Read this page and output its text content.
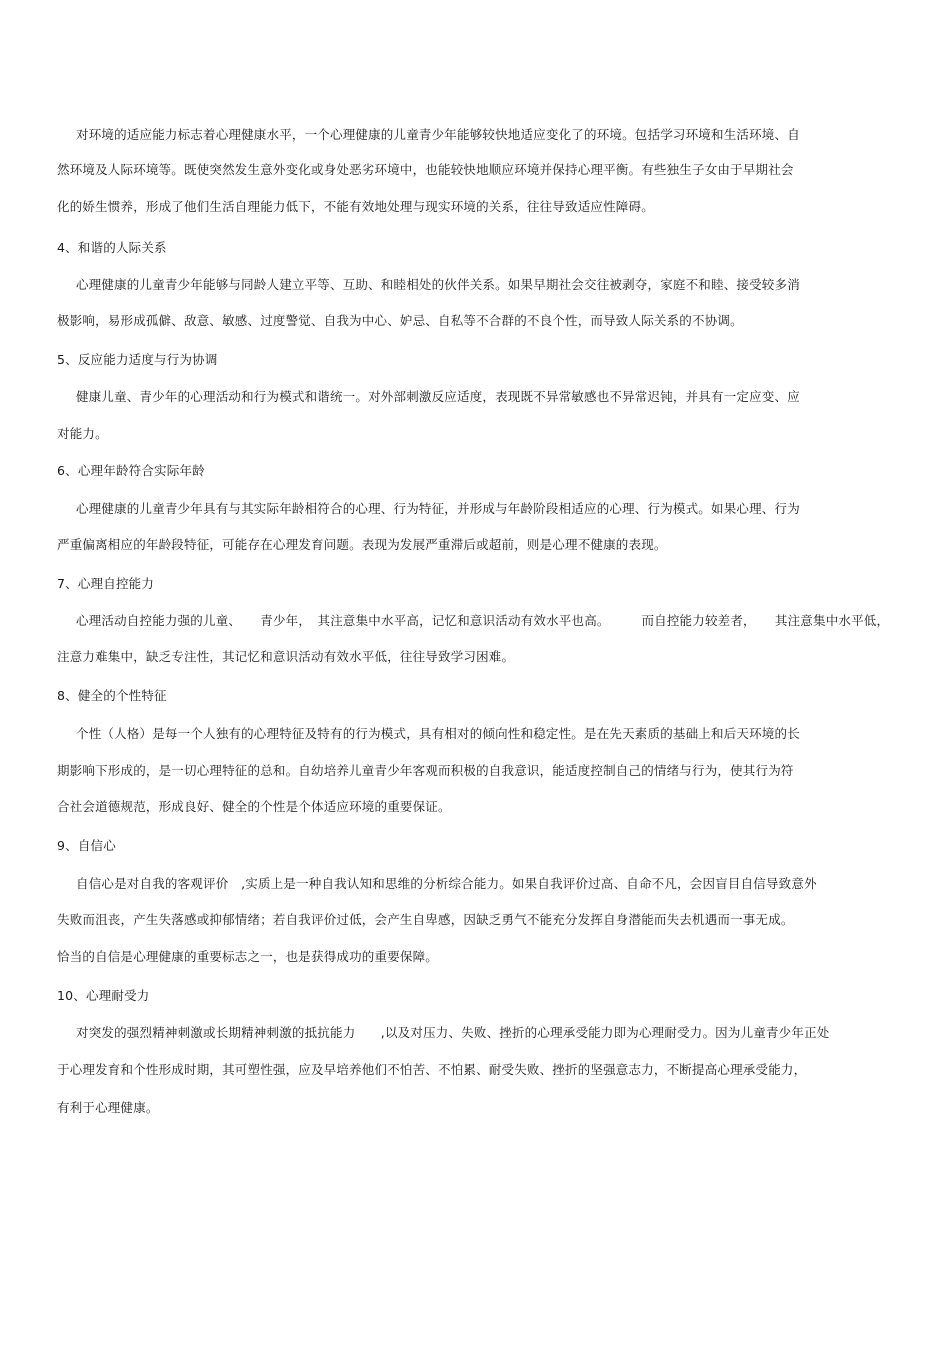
对环境的适应能力标志着心理健康水平，一个心理健康的儿童青少年能够较快地适应变化了的环境。包括学习环境和生活环境、自
然环境及人际环境等。既使突然发生意外变化或身处恶劣环境中，也能较快地顺应环境并保持心理平衡。有些独生子女由于早期社会
化的娇生惯养，形成了他们生活自理能力低下，不能有效地处理与现实环境的关系，往往导致适应性障碍。
4、和谐的人际关系
心理健康的儿童青少年能够与同龄人建立平等、互助、和睦相处的伙伴关系。如果早期社会交往被剥夺，家庭不和睦、接受较多消
极影响，易形成孤僻、敌意、敏感、过度警觉、自我为中心、妒忌、自私等不合群的不良个性，而导致人际关系的不协调。
5、反应能力适度与行为协调
健康儿童、青少年的心理活动和行为模式和谐统一。对外部刺激反应适度，表现既不异常敏感也不异常迟钝，并具有一定应变、应
对能力。
6、心理年龄符合实际年龄
心理健康的儿童青少年具有与其实际年龄相符合的心理、行为特征，并形成与年龄阶段相适应的心理、行为模式。如果心理、行为
严重偏离相应的年龄段特征，可能存在心理发育问题。表现为发展严重滞后或超前，则是心理不健康的表现。
7、心理自控能力
心理活动自控能力强的儿童、　　青少年，　其注意集中水平高，记忆和意识活动有效水平也高。　　　而自控能力较差者，　　其注意集中水平低，
注意力难集中，缺乏专注性，其记忆和意识活动有效水平低，往往导致学习困难。
8、健全的个性特征
个性（人格）是每一个人独有的心理特征及特有的行为模式，具有相对的倾向性和稳定性。是在先天素质的基础上和后天环境的长
期影响下形成的，是一切心理特征的总和。自幼培养儿童青少年客观而积极的自我意识，能适度控制自己的情绪与行为，使其行为符
合社会道德规范，形成良好、健全的个性是个体适应环境的重要保证。
9、自信心
自信心是对自我的客观评价　,实质上是一种自我认知和思维的分析综合能力。如果自我评价过高、自命不凡，会因盲目自信导致意外
失败而沮丧，产生失落感或抑郁情绪；若自我评价过低，会产生自卑感，因缺乏勇气不能充分发挥自身潜能而失去机遇而一事无成。
恰当的自信是心理健康的重要标志之一，也是获得成功的重要保障。
10、心理耐受力
对突发的强烈精神刺激或长期精神刺激的抵抗能力　　,以及对压力、失败、挫折的心理承受能力即为心理耐受力。因为儿童青少年正处
于心理发育和个性形成时期，其可塑性强，应及早培养他们不怕苦、不怕累、耐受失败、挫折的坚强意志力，不断提高心理承受能力，
有利于心理健康。
